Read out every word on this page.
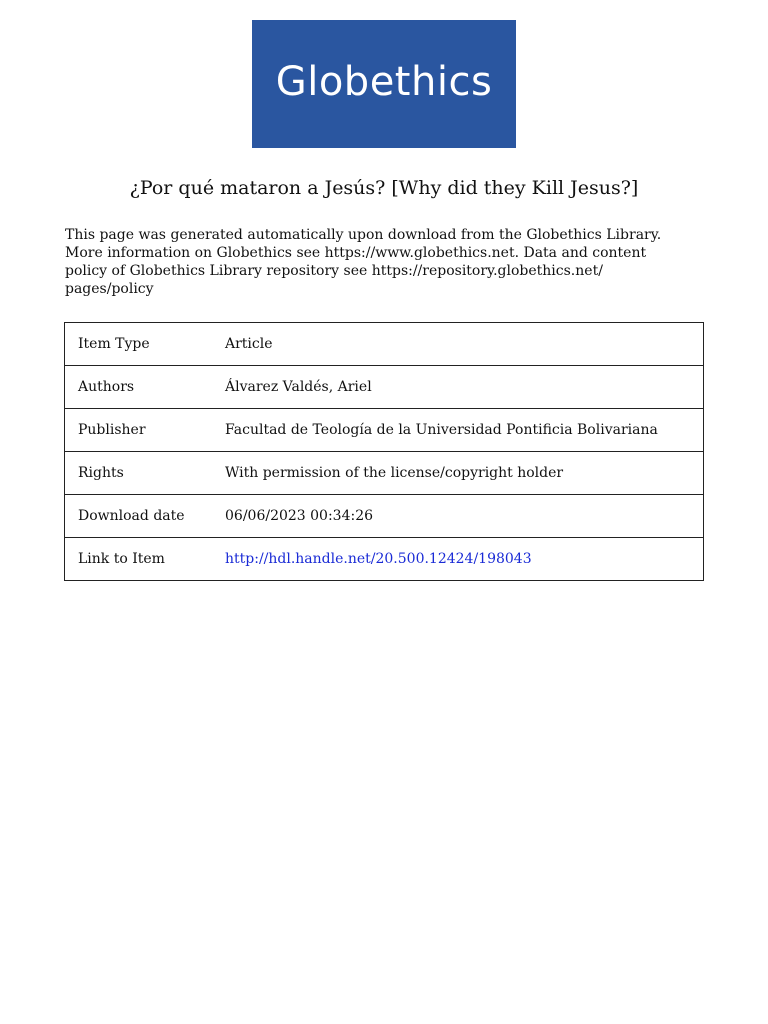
Globethics
¿Por qué mataron a Jesús? [Why did they Kill Jesus?]

This page was generated automatically upon download from the Globethics Library.

More information on Globethics see https://www.globethics.net. Data and content

policy of Globethics Library repository see https://repository.globethics.net/

pages/policy

Item Type	Article
Authors	Álvarez Valdés, Ariel
Publisher	Facultad de Teología de la Universidad Pontificia Bolivariana
Rights	With permission of the license/copyright holder
Download date	06/06/2023 00:34:26
Link to Item	http://hdl.handle.net/20.500.12424/198043
